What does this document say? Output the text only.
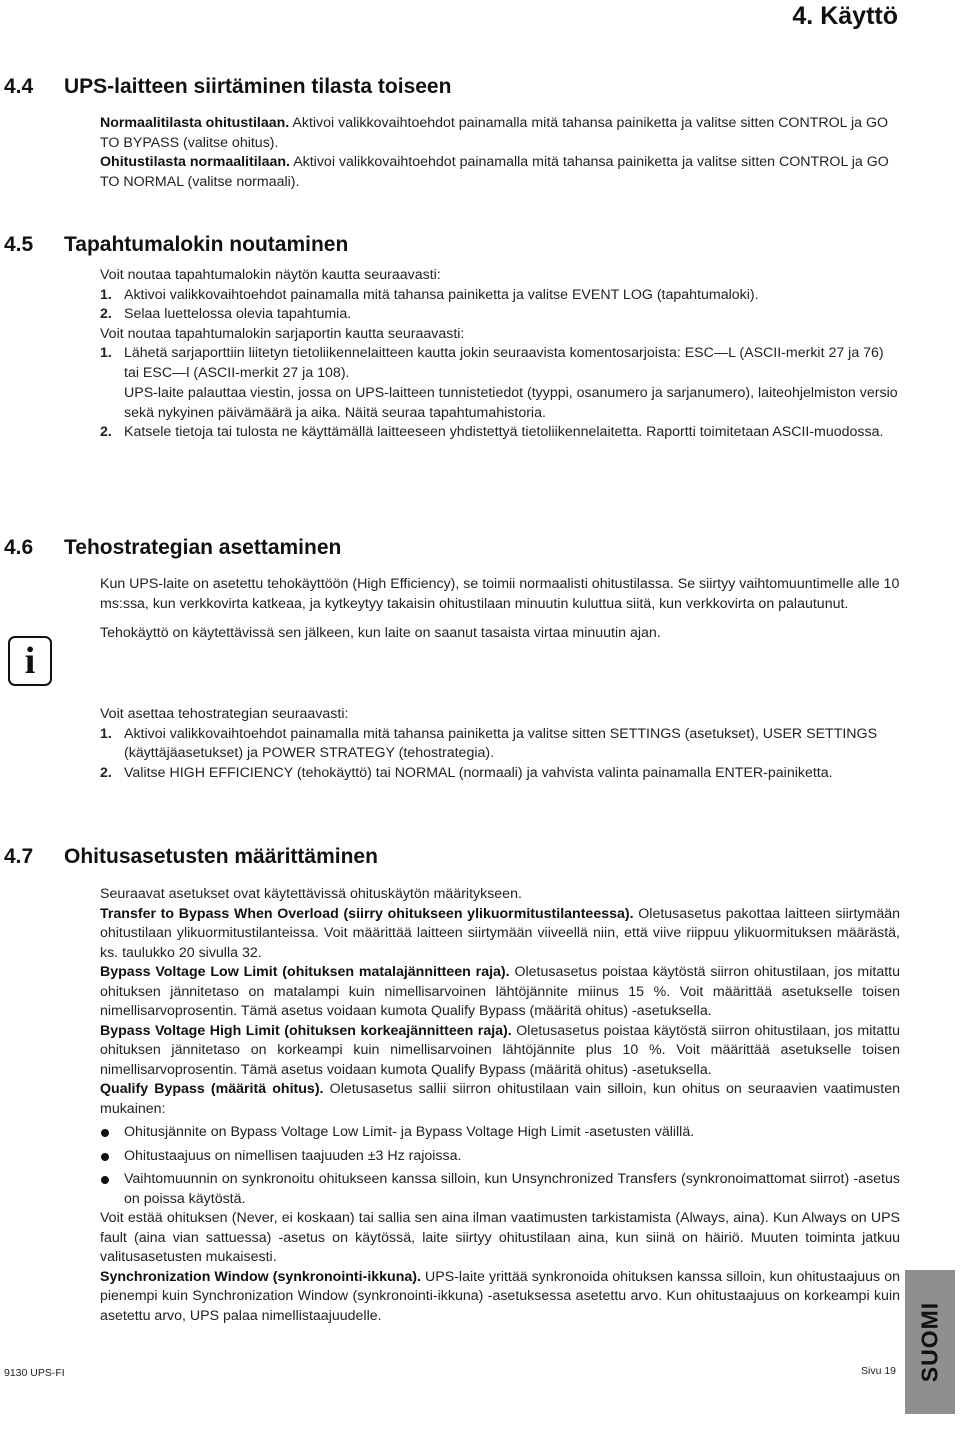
4. Käyttö
4.4 UPS-laitteen siirtäminen tilasta toiseen

Normaalitilasta ohitustilaan. Aktivoi valikkovaihtoehdot painamalla mitä tahansa painiketta ja valitse sitten CONTROL ja GO TO BYPASS (valitse ohitus).

Ohitustilasta normaalitilaan. Aktivoi valikkovaihtoehdot painamalla mitä tahansa painiketta ja valitse sitten CONTROL ja GO TO NORMAL (valitse normaali).

4.5 Tapahtumalokin noutaminen

Voit noutaa tapahtumalokin näytön kautta seuraavasti:

1. Aktivoi valikkovaihtoehdot painamalla mitä tahansa painiketta ja valitse EVENT LOG (tapahtumaloki).

2. Selaa luettelossa olevia tapahtumia.

Voit noutaa tapahtumalokin sarjaportin kautta seuraavasti:

1. Lähetä sarjaporttiin liitetyn tietoliikennelaitteen kautta jokin seuraavista komentosarjoista: ESC—L (ASCII-merkit 27 ja 76) tai ESC—l (ASCII-merkit 27 ja 108).

UPS-laite palauttaa viestin, jossa on UPS-laitteen tunnistetiedot (tyyppi, osanumero ja sarjanumero), laiteohjelmiston versio sekä nykyinen päivämäärä ja aika. Näitä seuraa tapahtumahistoria.

2. Katsele tietoja tai tulosta ne käyttämällä laitteeseen yhdistettyä tietoliikennelaitetta. Raportti toimitetaan ASCII-muodossa.

4.6 Tehostrategian asettaminen

Kun UPS-laite on asetettu tehokäyttöön (High Efficiency), se toimii normaalisti ohitustilassa. Se siirtyy vaihtomuuntimelle alle 10 ms:ssa, kun verkkovirta katkeaa, ja kytkeytyy takaisin ohitustilaan minuutin kuluttua siitä, kun verkkovirta on palautunut.

Tehokäyttö on käytettävissä sen jälkeen, kun laite on saanut tasaista virtaa minuutin ajan.

i

Voit asettaa tehostrategian seuraavasti:

1. Aktivoi valikkovaihtoehdot painamalla mitä tahansa painiketta ja valitse sitten SETTINGS (asetukset), USER SETTINGS (käyttäjäasetukset) ja POWER STRATEGY (tehostrategia).

2. Valitse HIGH EFFICIENCY (tehokäyttö) tai NORMAL (normaali) ja vahvista valinta painamalla ENTER-painiketta.

4.7 Ohitusasetusten määrittäminen

Seuraavat asetukset ovat käytettävissä ohituskäytön määritykseen.

Transfer to Bypass When Overload (siirry ohitukseen ylikuormitustilanteessa). Oletusasetus pakottaa laitteen siirtymään ohitustilaan ylikuormitustilanteissa. Voit määrittää laitteen siirtymään viiveellä niin, että viive riippuu ylikuormituksen määrästä, ks. taulukko 20 sivulla 32.

Bypass Voltage Low Limit (ohituksen matalajännitteen raja). Oletusasetus poistaa käytöstä siirron ohitustilaan, jos mitattu ohituksen jännitetaso on matalampi kuin nimellisarvoinen lähtöjännite miinus 15 %. Voit määrittää asetukselle toisen nimellisarvoprosentin. Tämä asetus voidaan kumota Qualify Bypass (määritä ohitus) -asetuksella.

Bypass Voltage High Limit (ohituksen korkeajännitteen raja). Oletusasetus poistaa käytöstä siirron ohitustilaan, jos mitattu ohituksen jännitetaso on korkeampi kuin nimellisarvoinen lähtöjännite plus 10 %. Voit määrittää asetukselle toisen nimellisarvoprosentin. Tämä asetus voidaan kumota Qualify Bypass (määritä ohitus) -asetuksella.

Qualify Bypass (määritä ohitus). Oletusasetus sallii siirron ohitustilaan vain silloin, kun ohitus on seuraavien vaatimusten mukainen:

Ohitusjännite on Bypass Voltage Low Limit- ja Bypass Voltage High Limit -asetusten välillä.

Ohitustaajuus on nimellisen taajuuden ±3 Hz rajoissa.

Vaihtomuunnin on synkronoitu ohitukseen kanssa silloin, kun Unsynchronized Transfers (synkronoimattomat siirrot) -asetus on poissa käytöstä.

Voit estää ohituksen (Never, ei koskaan) tai sallia sen aina ilman vaatimusten tarkistamista (Always, aina). Kun Always on UPS fault (aina vian sattuessa) -asetus on käytössä, laite siirtyy ohitustilaan aina, kun siinä on häiriö. Muuten toiminta jatkuu valitusasetusten mukaisesti.

Synchronization Window (synkronointi-ikkuna). UPS-laite yrittää synkronoida ohituksen kanssa silloin, kun ohitustaajuus on pienempi kuin Synchronization Window (synkronointi-ikkuna) -asetuksessa asetettu arvo. Kun ohitustaajuus on korkeampi kuin asetettu arvo, UPS palaa nimellistaajuudelle.

9130 UPS-FI	Sivu 19 SUOMI
